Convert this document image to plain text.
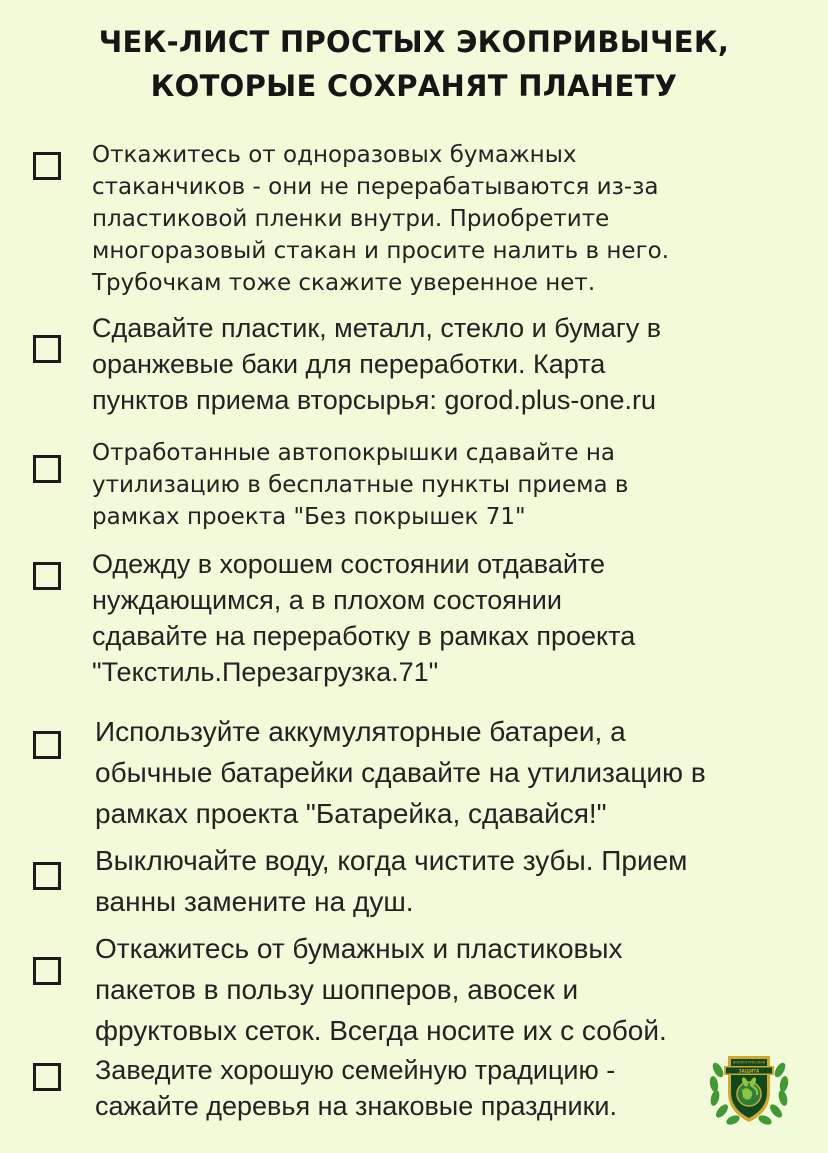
ЧЕК-ЛИСТ ПРОСТЫХ ЭКОПРИВЫЧЕК,
КОТОРЫЕ СОХРАНЯТ ПЛАНЕТУ

Откажитесь от одноразовых бумажных
стаканчиков - они не перерабатываются из-за
пластиковой пленки внутри. Приобретите
многоразовый стакан и просите налить в него.
Трубочкам тоже скажите уверенное нет.

Сдавайте пластик, металл, стекло и бумагу в
оранжевые баки для переработки. Карта
пунктов приема вторсырья: gorod.plus-one.ru

Отработанные автопокрышки сдавайте на
утилизацию в бесплатные пункты приема в
рамках проекта "Без покрышек 71"

Одежду в хорошем состоянии отдавайте
нуждающимся, а в плохом состоянии
сдавайте на переработку в рамках проекта
"Текстиль.Перезагрузка.71"

Используйте аккумуляторные батареи, а
обычные батарейки сдавайте на утилизацию в
рамках проекта "Батарейка, сдавайся!"

Выключайте воду, когда чистите зубы. Прием
ванны замените на душ.

Откажитесь от бумажных и пластиковых
пакетов в пользу шопперов, авосек и
фруктовых сеток. Всегда носите их с собой.

Заведите хорошую семейную традицию -
сажайте деревья на знаковые праздники.

ЭКОЛОГИЧЕСКАЯ
ЗАЩИТА
